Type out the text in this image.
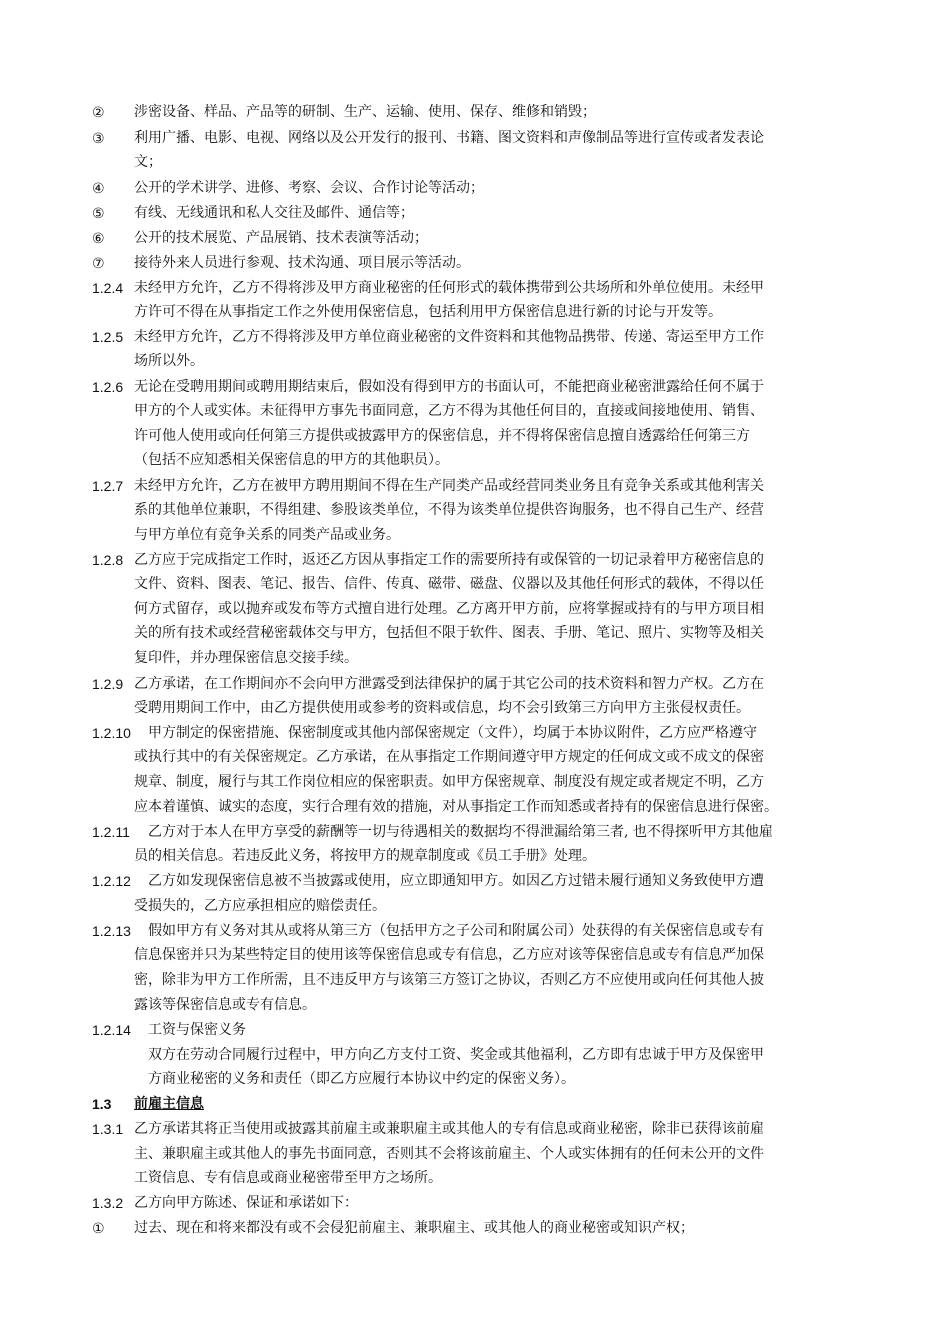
② 涉密设备、样品、产品等的研制、生产、运输、使用、保存、维修和销毁；
③ 利用广播、电影、电视、网络以及公开发行的报刊、书籍、图文资料和声像制品等进行宣传或者发表论
文；
④ 公开的学术讲学、进修、考察、会议、合作讨论等活动；
⑤ 有线、无线通讯和私人交往及邮件、通信等；
⑥ 公开的技术展览、产品展销、技术表演等活动；
⑦ 接待外来人员进行参观、技术沟通、项目展示等活动。
1.2.4 未经甲方允许，乙方不得将涉及甲方商业秘密的任何形式的载体携带到公共场所和外单位使用。未经甲
方许可不得在从事指定工作之外使用保密信息，包括利用甲方保密信息进行新的讨论与开发等。
1.2.5 未经甲方允许，乙方不得将涉及甲方单位商业秘密的文件资料和其他物品携带、传递、寄运至甲方工作
场所以外。
1.2.6 无论在受聘用期间或聘用期结束后，假如没有得到甲方的书面认可，不能把商业秘密泄露给任何不属于
甲方的个人或实体。未征得甲方事先书面同意，乙方不得为其他任何目的，直接或间接地使用、销售、
许可他人使用或向任何第三方提供或披露甲方的保密信息，并不得将保密信息擅自透露给任何第三方
（包括不应知悉相关保密信息的甲方的其他职员）。
1.2.7 未经甲方允许，乙方在被甲方聘用期间不得在生产同类产品或经营同类业务且有竞争关系或其他利害关
系的其他单位兼职，不得组建、参股该类单位，不得为该类单位提供咨询服务，也不得自己生产、经营
与甲方单位有竞争关系的同类产品或业务。
1.2.8 乙方应于完成指定工作时，返还乙方因从事指定工作的需要所持有或保管的一切记录着甲方秘密信息的
文件、资料、图表、笔记、报告、信件、传真、磁带、磁盘、仪器以及其他任何形式的载体，不得以任
何方式留存，或以抛弃或发布等方式擅自进行处理。乙方离开甲方前，应将掌握或持有的与甲方项目相
关的所有技术或经营秘密载体交与甲方，包括但不限于软件、图表、手册、笔记、照片、实物等及相关
复印件，并办理保密信息交接手续。
1.2.9 乙方承诺，在工作期间亦不会向甲方泄露受到法律保护的属于其它公司的技术资料和智力产权。乙方在
受聘用期间工作中，由乙方提供使用或参考的资料或信息，均不会引致第三方向甲方主张侵权责任。
1.2.10 甲方制定的保密措施、保密制度或其他内部保密规定（文件），均属于本协议附件，乙方应严格遵守
或执行其中的有关保密规定。乙方承诺，在从事指定工作期间遵守甲方规定的任何成文或不成文的保密
规章、制度，履行与其工作岗位相应的保密职责。如甲方保密规章、制度没有规定或者规定不明，乙方
应本着谨慎、诚实的态度，实行合理有效的措施，对从事指定工作而知悉或者持有的保密信息进行保密。
1.2.11 乙方对于本人在甲方享受的薪酬等一切与待遇相关的数据均不得泄漏给第三者, 也不得探听甲方其他雇
员的相关信息。若违反此义务，将按甲方的规章制度或《员工手册》处理。
1.2.12 乙方如发现保密信息被不当披露或使用，应立即通知甲方。如因乙方过错未履行通知义务致使甲方遭
受损失的，乙方应承担相应的赔偿责任。
1.2.13 假如甲方有义务对其从或将从第三方（包括甲方之子公司和附属公司）处获得的有关保密信息或专有
信息保密并只为某些特定目的使用该等保密信息或专有信息，乙方应对该等保密信息或专有信息严加保
密，除非为甲方工作所需，且不违反甲方与该第三方签订之协议，否则乙方不应使用或向任何其他人披
露该等保密信息或专有信息。
1.2.14 工资与保密义务
双方在劳动合同履行过程中，甲方向乙方支付工资、奖金或其他福利，乙方即有忠诚于甲方及保密甲
方商业秘密的义务和责任（即乙方应履行本协议中约定的保密义务）。
1.3 前雇主信息
1.3.1 乙方承诺其将正当使用或披露其前雇主或兼职雇主或其他人的专有信息或商业秘密，除非已获得该前雇
主、兼职雇主或其他人的事先书面同意，否则其不会将该前雇主、个人或实体拥有的任何未公开的文件
工资信息、专有信息或商业秘密带至甲方之场所。
1.3.2 乙方向甲方陈述、保证和承诺如下：
① 过去、现在和将来都没有或不会侵犯前雇主、兼职雇主、或其他人的商业秘密或知识产权；
